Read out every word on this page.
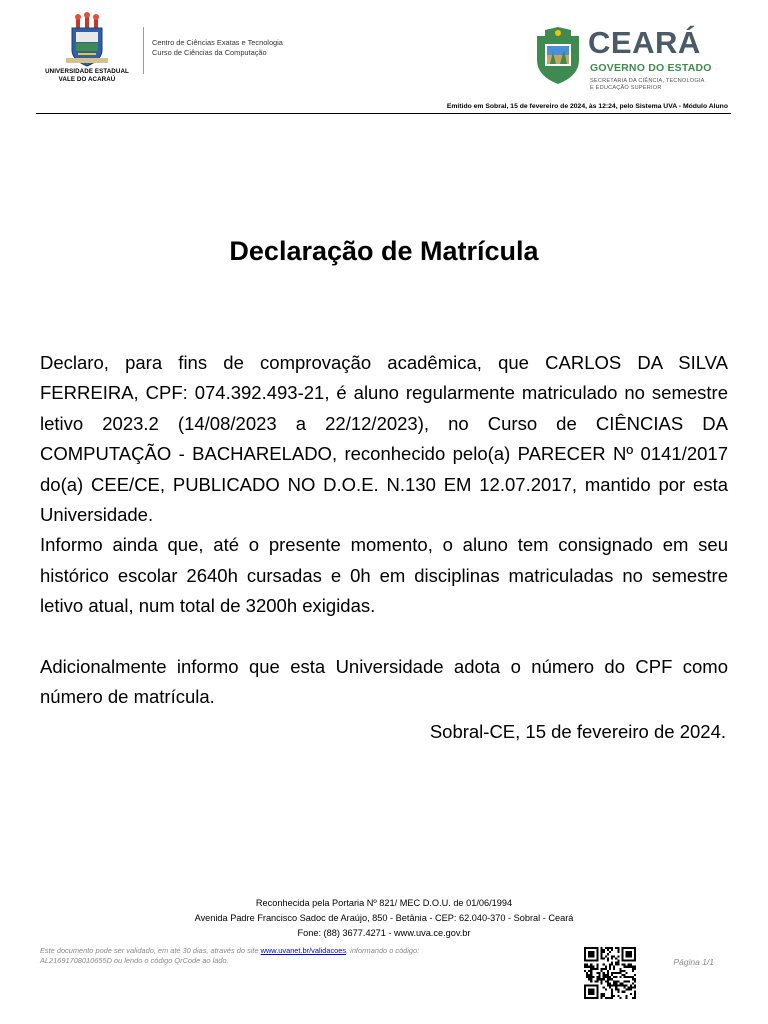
UNIVERSIDADE ESTADUAL
VALE DO ACARAÚ
Centro de Ciências Exatas e Tecnologia
Curso de Ciências da Computação	CEARÁ
GOVERNO DO ESTADO
SECRETARIA DA CIÊNCIA, TECNOLOGIA
E EDUCAÇÃO SUPERIOR
Emitido em Sobral, 15 de fevereiro de 2024, às 12:24, pelo Sistema UVA - Módulo Aluno
Declaração de Matrícula

Declaro, para fins de comprovação acadêmica, que CARLOS DA SILVA FERREIRA, CPF: 074.392.493-21, é aluno regularmente matriculado no semestre letivo 2023.2 (14/08/2023 a 22/12/2023), no Curso de CIÊNCIAS DA COMPUTAÇÃO - BACHARELADO, reconhecido pelo(a) PARECER Nº 0141/2017 do(a) CEE/CE, PUBLICADO NO D.O.E. N.130 EM 12.07.2017, mantido por esta Universidade.

Informo ainda que, até o presente momento, o aluno tem consignado em seu histórico escolar 2640h cursadas e 0h em disciplinas matriculadas no semestre letivo atual, num total de 3200h exigidas.

Adicionalmente informo que esta Universidade adota o número do CPF como número de matrícula.

Sobral-CE, 15 de fevereiro de 2024.
Reconhecida pela Portaria Nº 821/ MEC D.O.U. de 01/06/1994
Avenida Padre Francisco Sadoc de Araújo, 850 - Betânia - CEP: 62.040-370 - Sobral - Ceará
Fone: (88) 3677.4271 - www.uva.ce.gov.br
Este documento pode ser validado, em até 30 dias, através do site www.uvanet.br/validacoes, informando o código:
AL21691708010655D ou lendo o código QrCode ao lado.	Página 1/1
